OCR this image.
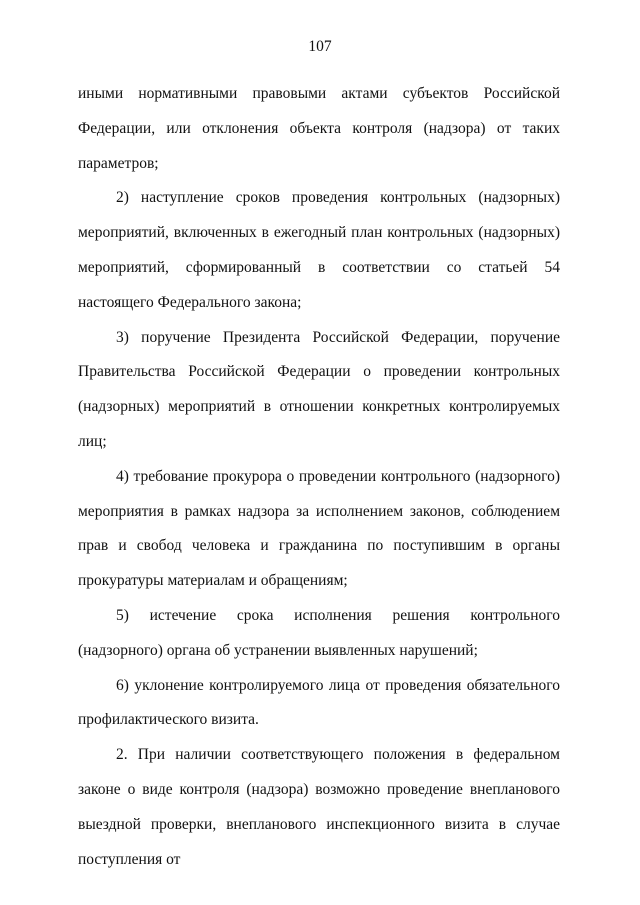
107

иными нормативными правовыми актами субъектов Российской Федерации, или отклонения объекта контроля (надзора) от таких параметров;

2) наступление сроков проведения контрольных (надзорных) мероприятий, включенных в ежегодный план контрольных (надзорных) мероприятий, сформированный в соответствии со статьей 54 настоящего Федерального закона;

3) поручение Президента Российской Федерации, поручение Правительства Российской Федерации о проведении контрольных (надзорных) мероприятий в отношении конкретных контролируемых лиц;

4) требование прокурора о проведении контрольного (надзорного) мероприятия в рамках надзора за исполнением законов, соблюдением прав и свобод человека и гражданина по поступившим в органы прокуратуры материалам и обращениям;

5) истечение срока исполнения решения контрольного (надзорного) органа об устранении выявленных нарушений;

6) уклонение контролируемого лица от проведения обязательного профилактического визита.

2. При наличии соответствующего положения в федеральном законе о виде контроля (надзора) возможно проведение внепланового выездной проверки, внепланового инспекционного визита в случае поступления от
